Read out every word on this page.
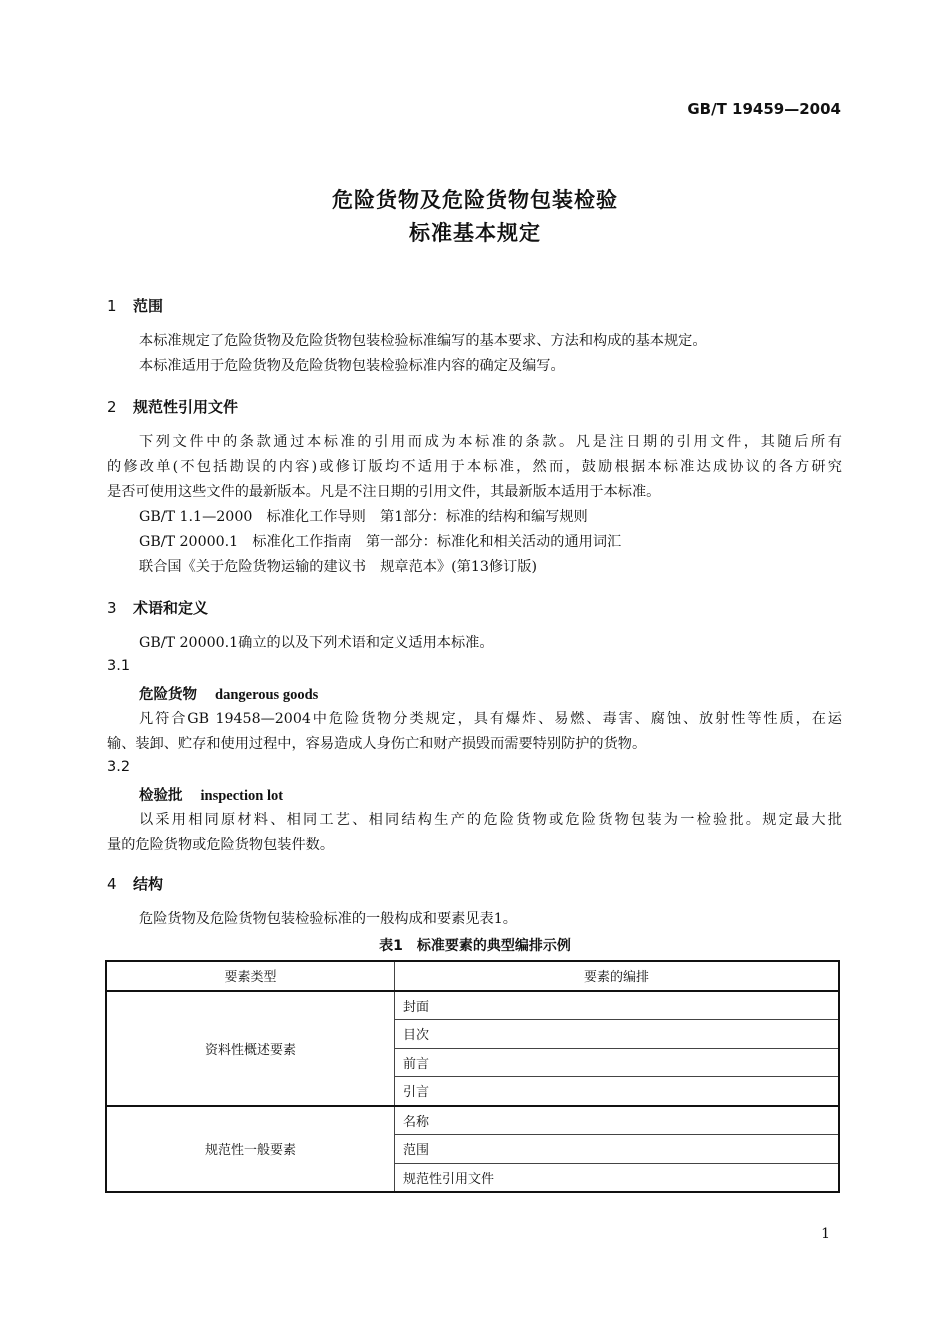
GB/T 19459—2004
危险货物及危险货物包装检验
标准基本规定
1 范围
本标准规定了危险货物及危险货物包装检验标准编写的基本要求、方法和构成的基本规定。
本标准适用于危险货物及危险货物包装检验标准内容的确定及编写。
2 规范性引用文件
下列文件中的条款通过本标准的引用而成为本标准的条款。凡是注日期的引用文件，其随后所有
的修改单(不包括勘误的内容)或修订版均不适用于本标准，然而，鼓励根据本标准达成协议的各方研究
是否可使用这些文件的最新版本。凡是不注日期的引用文件，其最新版本适用于本标准。
GB/T 1.1—2000　标准化工作导则　第1部分：标准的结构和编写规则
GB/T 20000.1　标准化工作指南　第一部分：标准化和相关活动的通用词汇
联合国《关于危险货物运输的建议书　规章范本》(第13修订版)
3 术语和定义
GB/T 20000.1确立的以及下列术语和定义适用本标准。
3.1
危险货物 dangerous goods
凡符合GB 19458—2004中危险货物分类规定，具有爆炸、易燃、毒害、腐蚀、放射性等性质，在运
输、装卸、贮存和使用过程中，容易造成人身伤亡和财产损毁而需要特别防护的货物。
3.2
检验批 inspection lot
以采用相同原材料、相同工艺、相同结构生产的危险货物或危险货物包装为一检验批。规定最大批
量的危险货物或危险货物包装件数。
4 结构
危险货物及危险货物包装检验标准的一般构成和要素见表1。
表1　标准要素的典型编排示例
要素类型	要素的编排
资料性概述要素	封面
	目次
	前言
	引言
规范性一般要素	名称
	范围
	规范性引用文件
1
